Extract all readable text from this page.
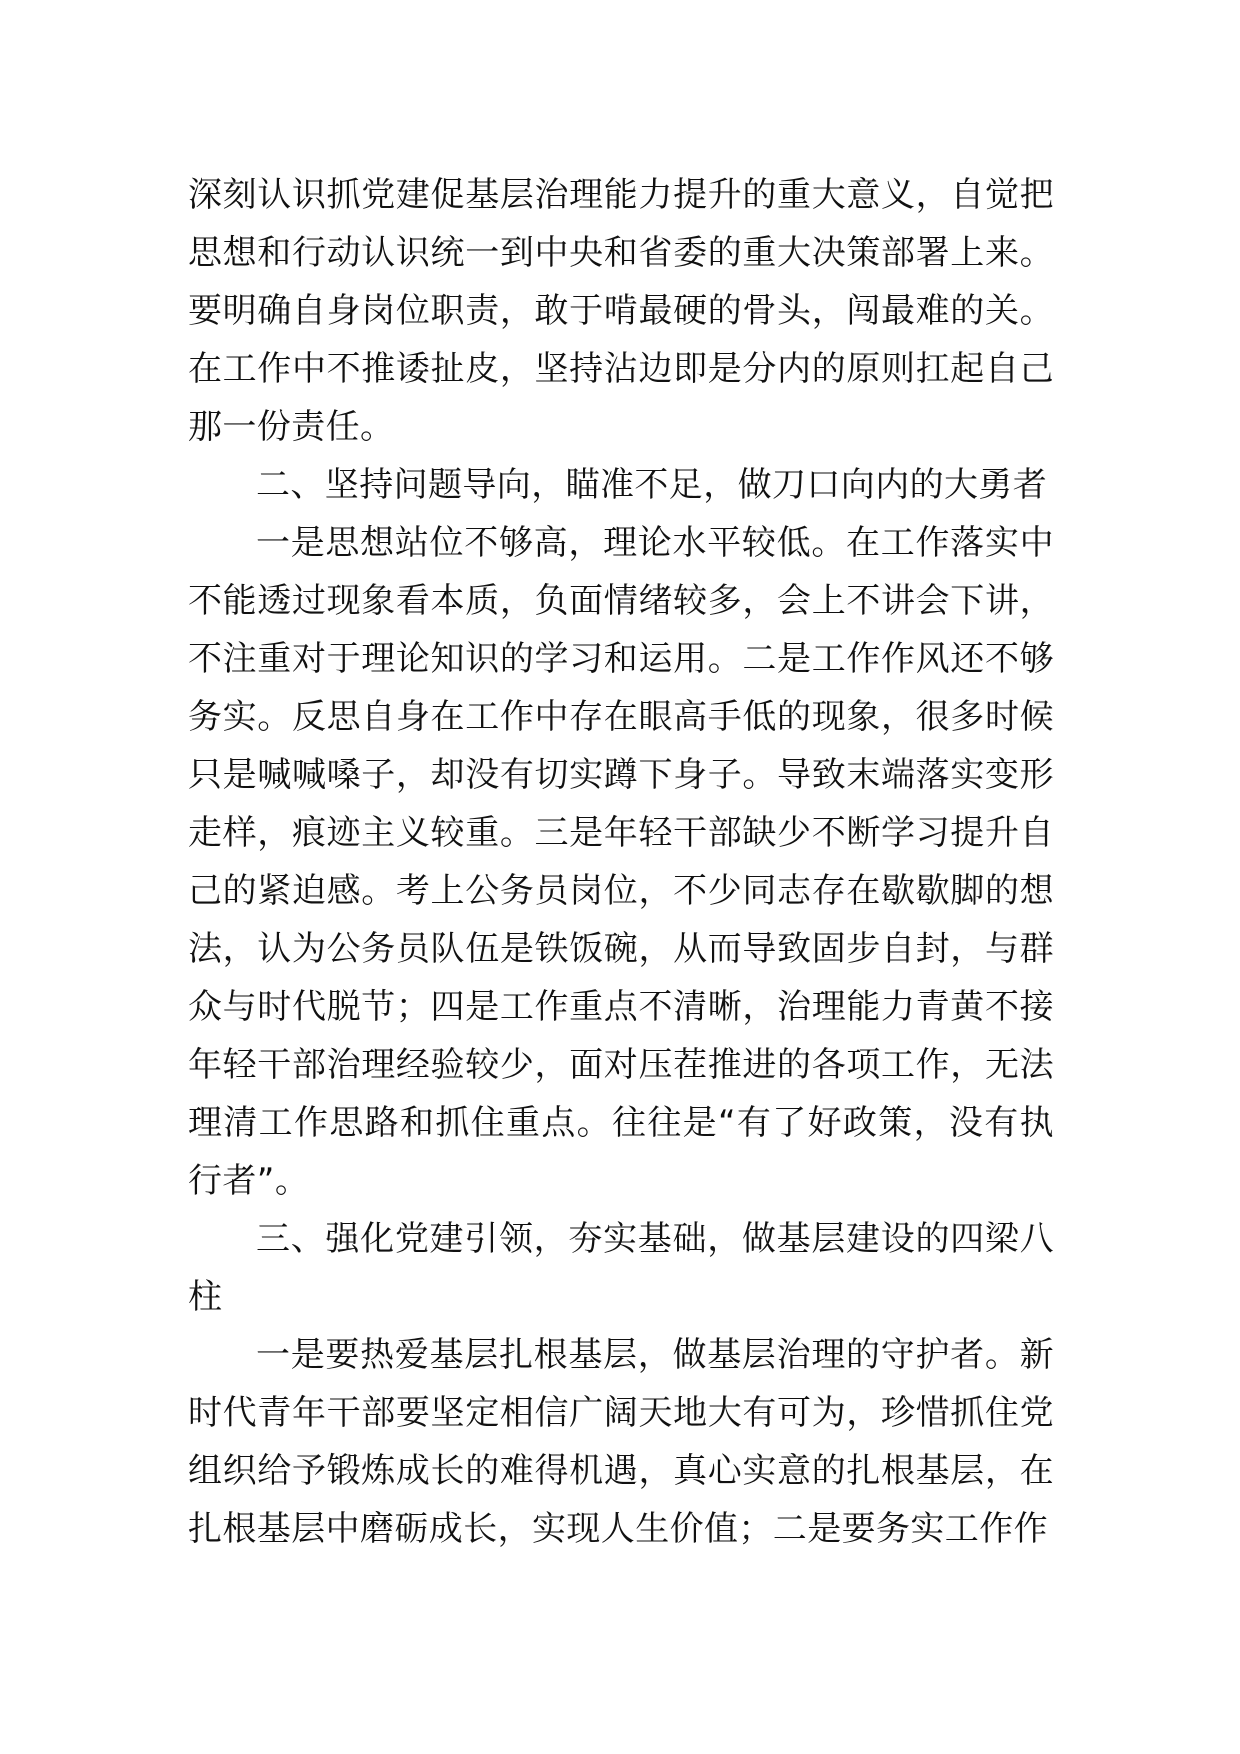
深刻认识抓党建促基层治理能力提升的重大意义，自觉把思想和行动认识统一到中央和省委的重大决策部署上来。要明确自身岗位职责，敢于啃最硬的骨头，闯最难的关。在工作中不推诿扯皮，坚持沾边即是分内的原则扛起自己那一份责任。

二、坚持问题导向，瞄准不足，做刀口向内的大勇者

一是思想站位不够高，理论水平较低。在工作落实中不能透过现象看本质，负面情绪较多，会上不讲会下讲，不注重对于理论知识的学习和运用。二是工作作风还不够务实。反思自身在工作中存在眼高手低的现象，很多时候只是喊喊嗓子，却没有切实蹲下身子。导致末端落实变形走样，痕迹主义较重。三是年轻干部缺少不断学习提升自己的紧迫感。考上公务员岗位，不少同志存在歇歇脚的想法，认为公务员队伍是铁饭碗，从而导致固步自封，与群众与时代脱节；四是工作重点不清晰，治理能力青黄不接年轻干部治理经验较少，面对压茬推进的各项工作，无法理清工作思路和抓住重点。往往是“有了好政策，没有执行者”。

三、强化党建引领，夯实基础，做基层建设的四梁八柱

一是要热爱基层扎根基层，做基层治理的守护者。新时代青年干部要坚定相信广阔天地大有可为，珍惜抓住党组织给予锻炼成长的难得机遇，真心实意的扎根基层，在扎根基层中磨砺成长，实现人生价值；二是要务实工作作
